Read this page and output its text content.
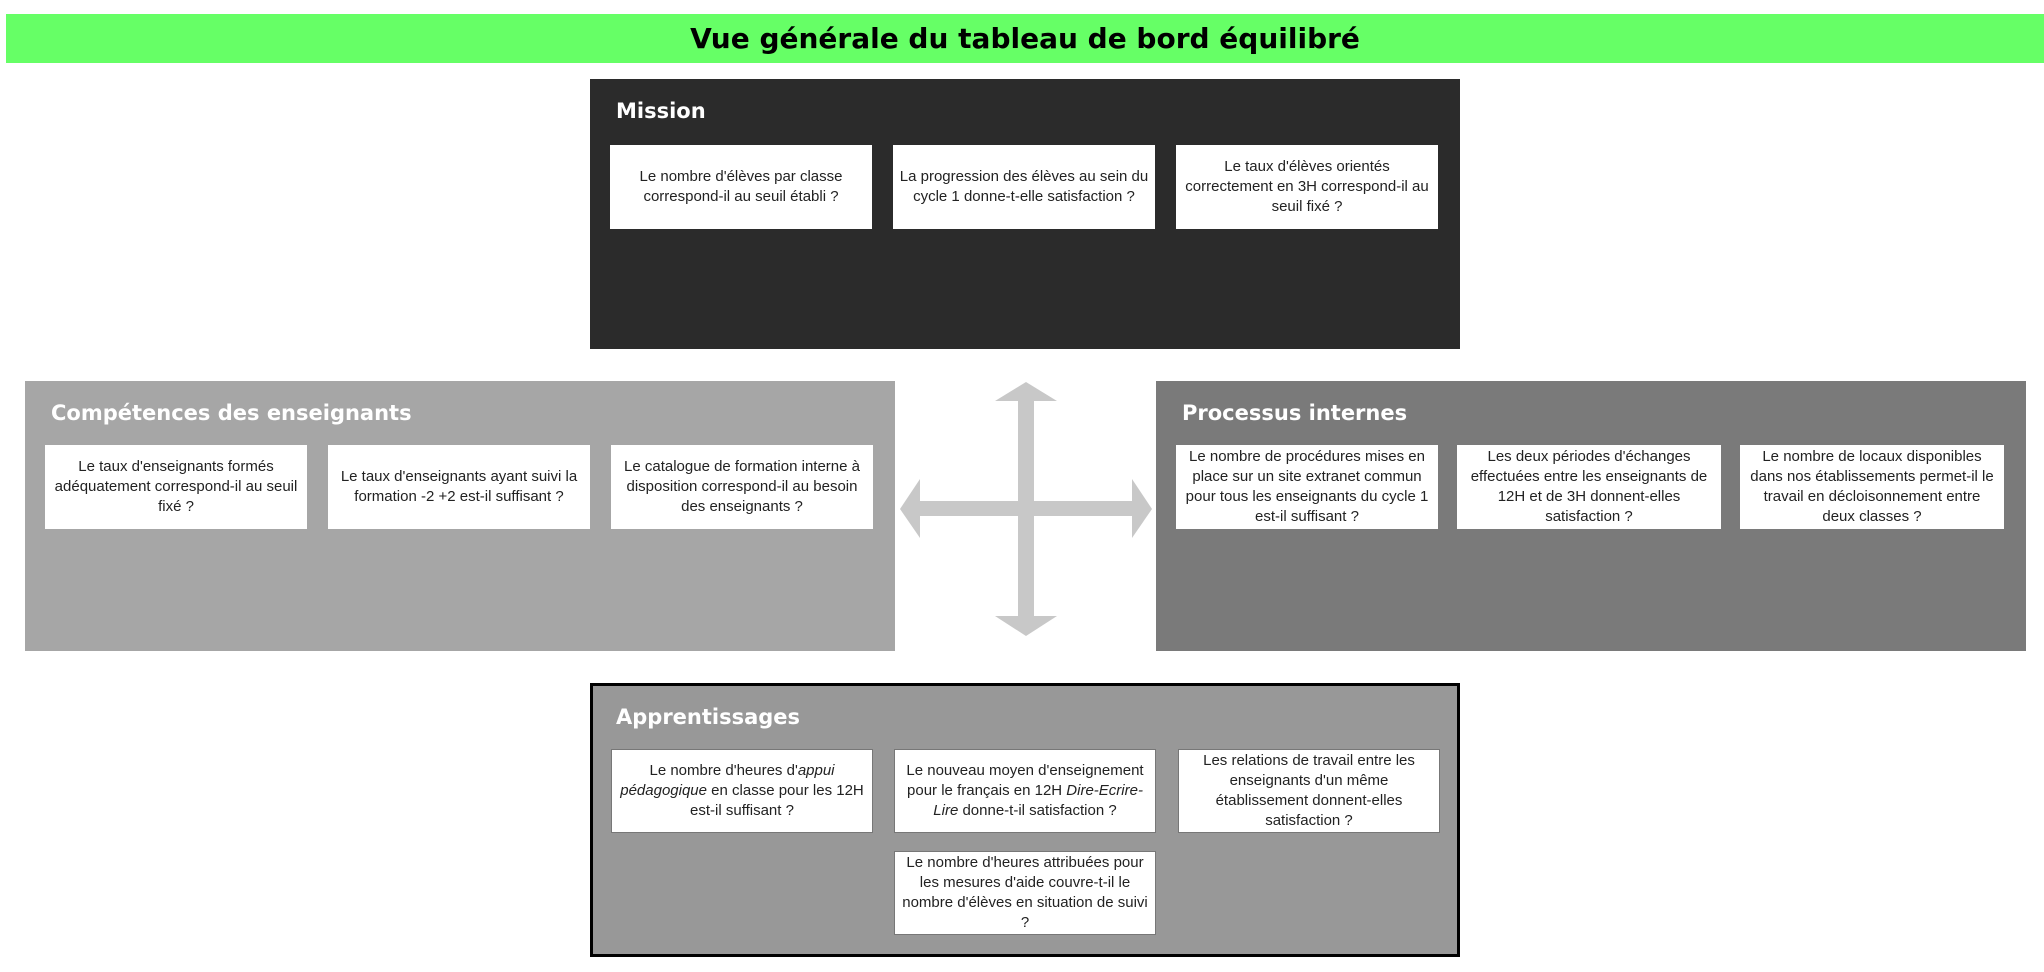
Vue générale du tableau de bord équilibré
Mission
Le nombre d'élèves par classe correspond-il au seuil établi ?
La progression des élèves au sein du cycle 1 donne-t-elle satisfaction ?
Le taux d'élèves orientés correctement en 3H correspond-il au seuil fixé ?
Compétences des enseignants
Le taux d'enseignants formés adéquatement correspond-il au seuil fixé ?
Le taux d'enseignants ayant suivi la formation -2 +2 est-il suffisant ?
Le catalogue de formation interne à disposition correspond-il au besoin des enseignants ?
Processus internes
Le nombre de procédures mises en place sur un site extranet commun pour tous les enseignants du cycle 1 est-il suffisant ?
Les deux périodes d'échanges effectuées entre les enseignants de 12H et de 3H donnent-elles satisfaction ?
Le nombre de locaux disponibles dans nos établissements permet-il le travail en décloisonnement entre deux classes ?
Apprentissages
Le nombre d'heures d'appui pédagogique en classe pour les 12H est-il suffisant ?
Le nouveau moyen d'enseignement pour le français en 12H Dire-Ecrire-Lire donne-t-il satisfaction ?
Les relations de travail entre les enseignants d'un même établissement donnent-elles satisfaction ?
Le nombre d'heures attribuées pour les mesures d'aide couvre-t-il le nombre d'élèves en situation de suivi ?
